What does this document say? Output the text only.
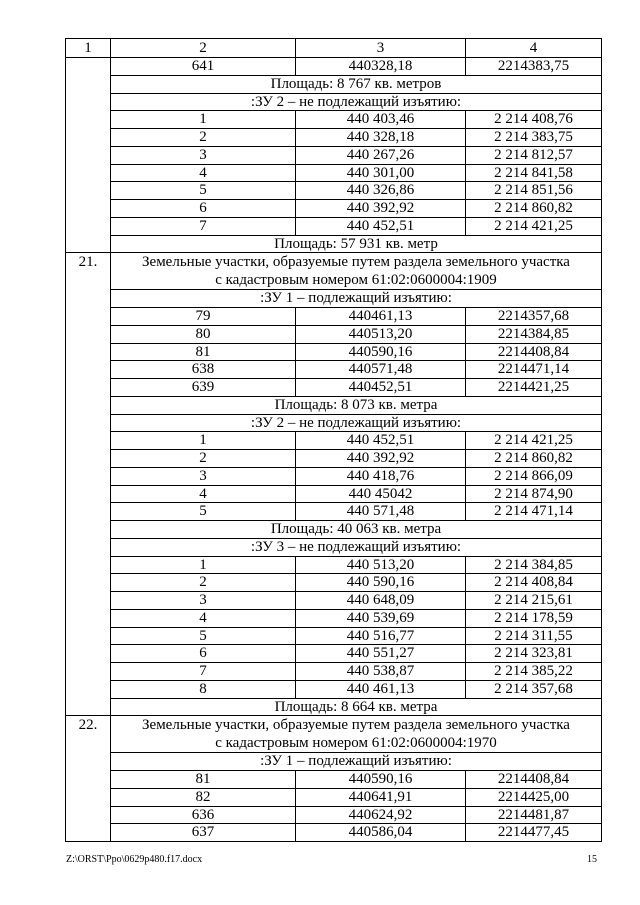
1	2	3	4
	641	440328,18	2214383,75
	Площадь: 8 767 кв. метров		
	:ЗУ 2 – не подлежащий изъятию:		
	1	440 403,46	2 214 408,76
	2	440 328,18	2 214 383,75
	3	440 267,26	2 214 812,57
	4	440 301,00	2 214 841,58
	5	440 326,86	2 214 851,56
	6	440 392,92	2 214 860,82
	7	440 452,51	2 214 421,25
	Площадь: 57 931 кв. метр		
21.	Земельные участки, образуемые путем раздела земельного участка
с кадастровым номером 61:02:0600004:1909		

	:ЗУ 1 – подлежащий изъятию:		
	79	440461,13	2214357,68
	80	440513,20	2214384,85
	81	440590,16	2214408,84
	638	440571,48	2214471,14
	639	440452,51	2214421,25
	Площадь: 8 073 кв. метра		
	:ЗУ 2 – не подлежащий изъятию:		
	1	440 452,51	2 214 421,25
	2	440 392,92	2 214 860,82
	3	440 418,76	2 214 866,09
	4	440 45042	2 214 874,90
	5	440 571,48	2 214 471,14
	Площадь: 40 063 кв. метра		
	:ЗУ 3 – не подлежащий изъятию:		
	1	440 513,20	2 214 384,85
	2	440 590,16	2 214 408,84
	3	440 648,09	2 214 215,61
	4	440 539,69	2 214 178,59
	5	440 516,77	2 214 311,55
	6	440 551,27	2 214 323,81
	7	440 538,87	2 214 385,22
	8	440 461,13	2 214 357,68
	Площадь: 8 664 кв. метра		
22.	Земельные участки, образуемые путем раздела земельного участка
с кадастровым номером 61:02:0600004:1970		

	:ЗУ 1 – подлежащий изъятию:		
	81	440590,16	2214408,84
	82	440641,91	2214425,00
	636	440624,92	2214481,87
	637	440586,04	2214477,45
Z:\ORST\Ppo\0629p480.f17.docx	15
